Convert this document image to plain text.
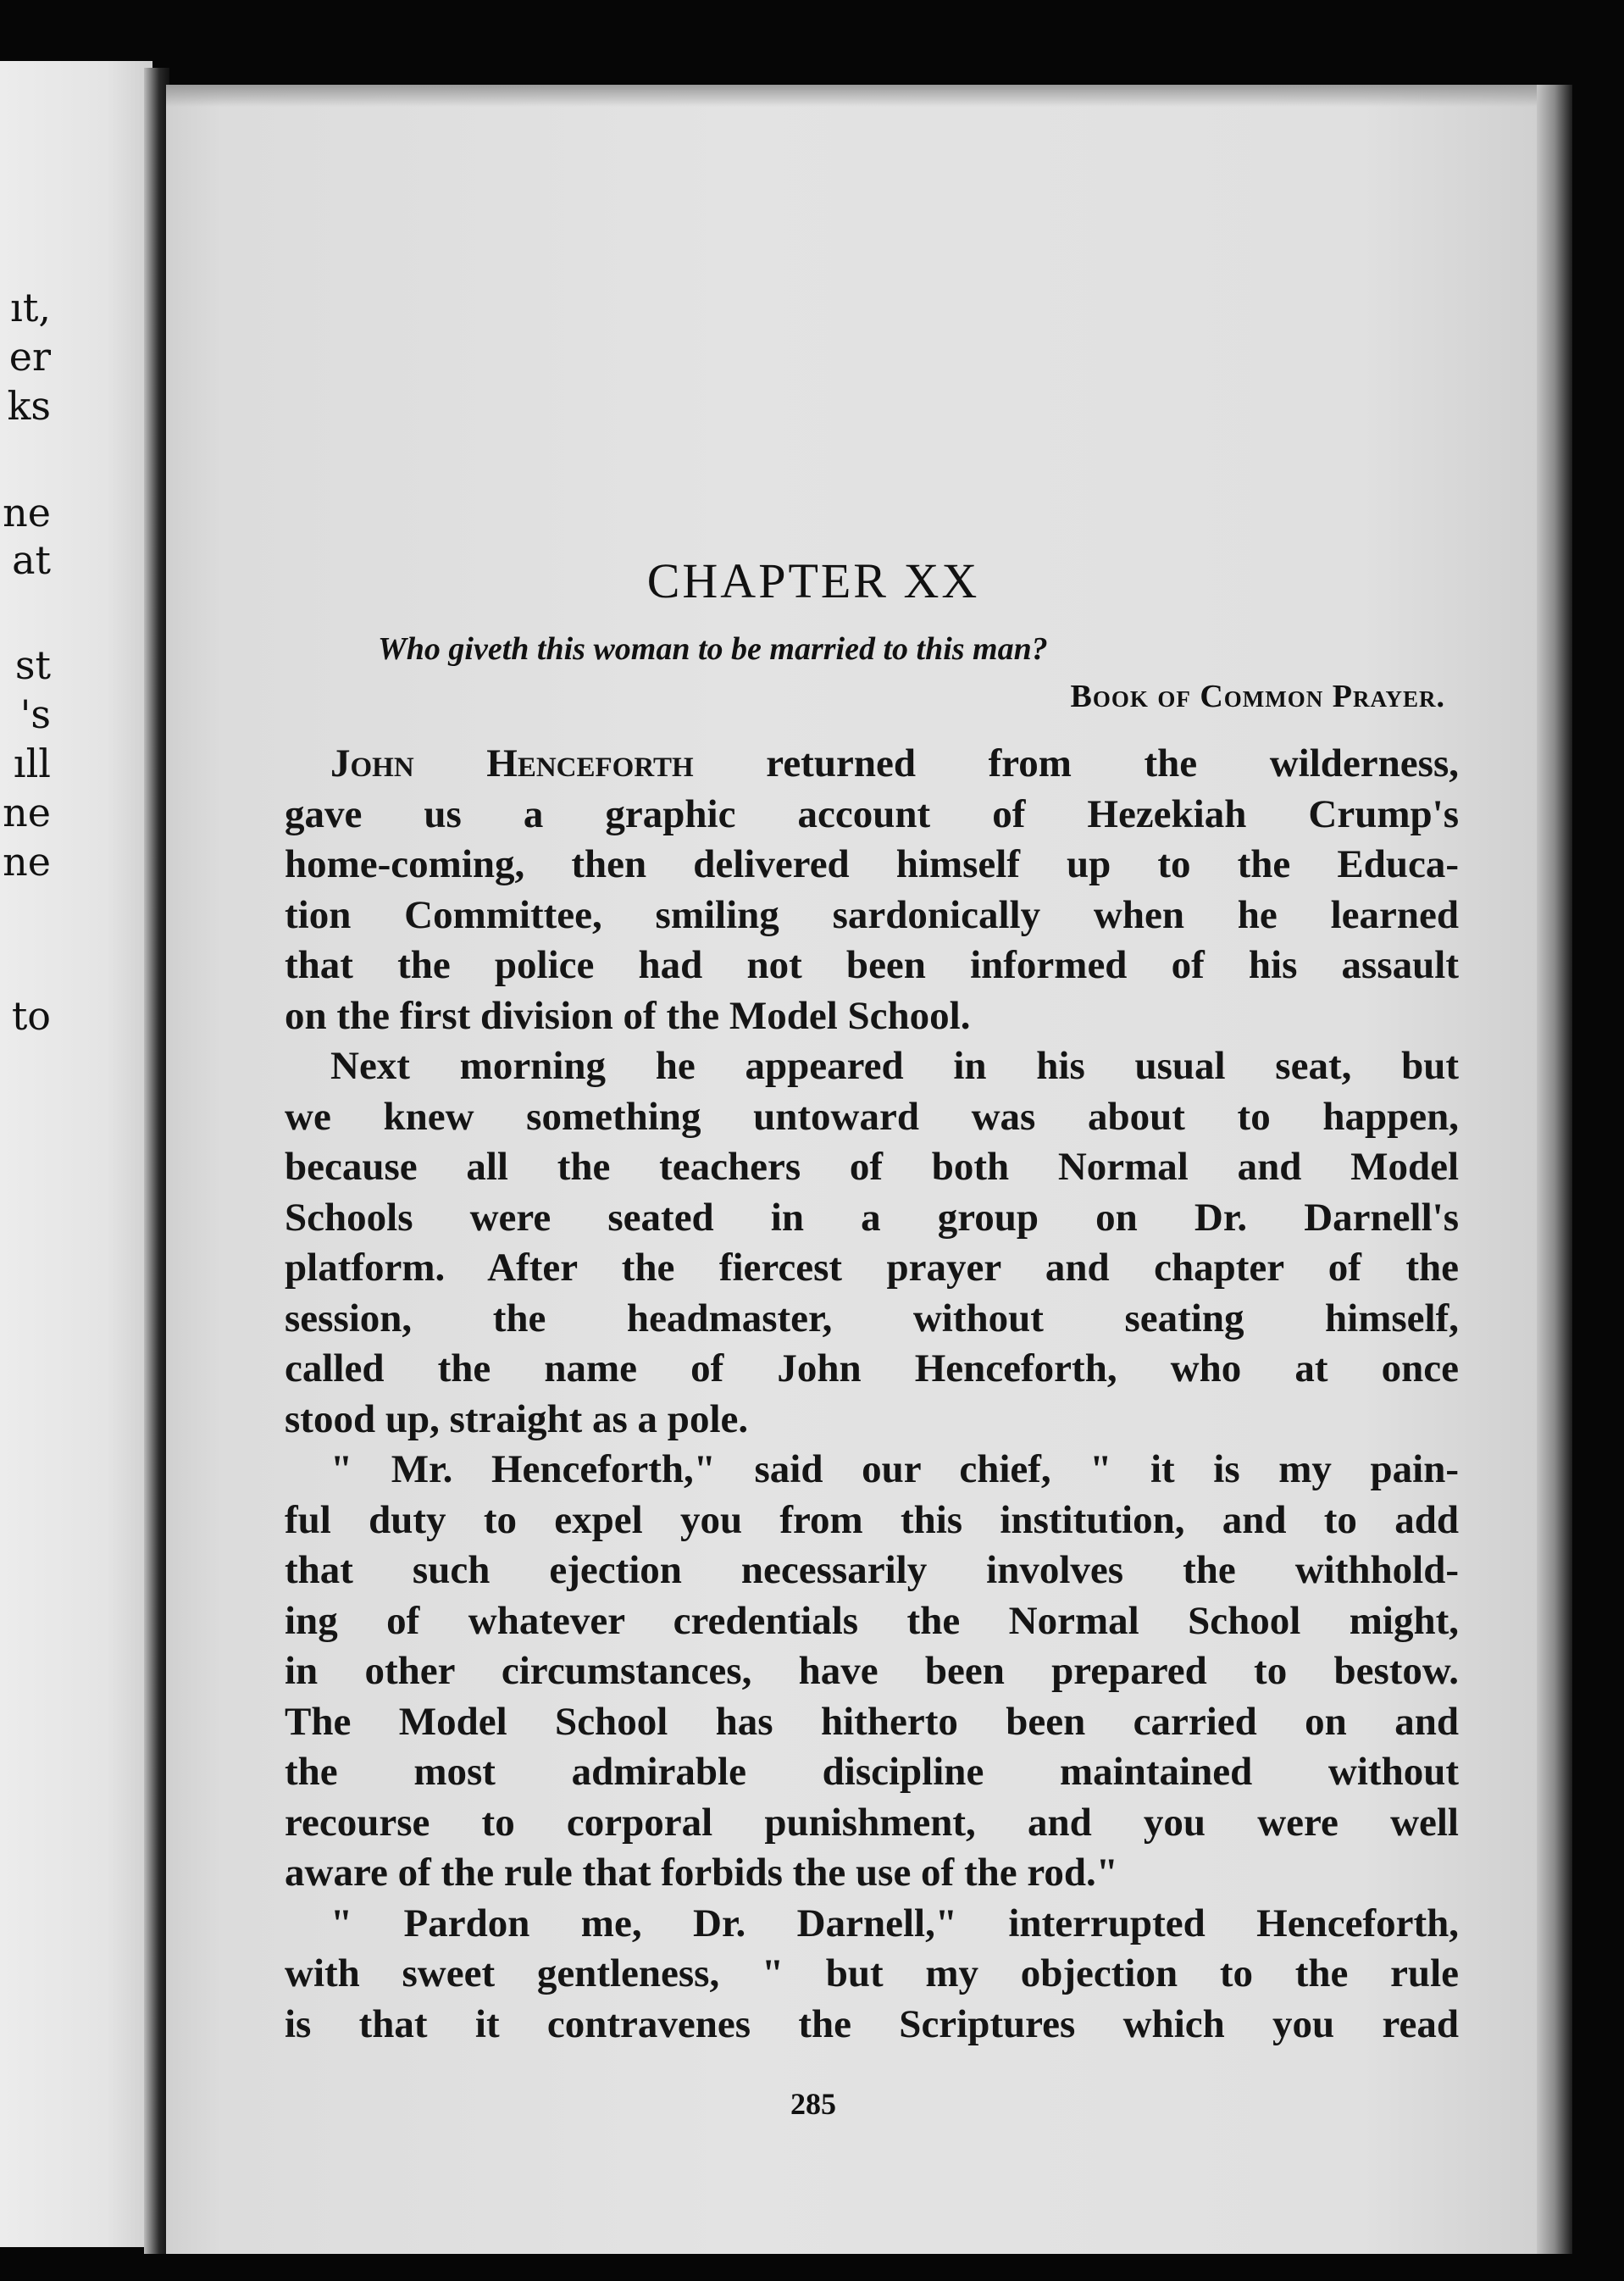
ıt,
er
ks
ne
at
st
's
ıll
ne
ne
to
CHAPTER XX
Who giveth this woman to be married to this man?
Book of Common Prayer.
John Henceforth returned from the wilderness,
gave us a graphic account of Hezekiah Crump's
home-coming, then delivered himself up to the Educa-
tion Committee, smiling sardonically when he learned
that the police had not been informed of his assault
on the first division of the Model School.
Next morning he appeared in his usual seat, but
we knew something untoward was about to happen,
because all the teachers of both Normal and Model
Schools were seated in a group on Dr. Darnell's
platform. After the fiercest prayer and chapter of the
session, the headmaster, without seating himself,
called the name of John Henceforth, who at once
stood up, straight as a pole.
" Mr. Henceforth," said our chief, " it is my pain-
ful duty to expel you from this institution, and to add
that such ejection necessarily involves the withhold-
ing of whatever credentials the Normal School might,
in other circumstances, have been prepared to bestow.
The Model School has hitherto been carried on and
the most admirable discipline maintained without
recourse to corporal punishment, and you were well
aware of the rule that forbids the use of the rod."
" Pardon me, Dr. Darnell," interrupted Henceforth,
with sweet gentleness, " but my objection to the rule
is that it contravenes the Scriptures which you read
285
